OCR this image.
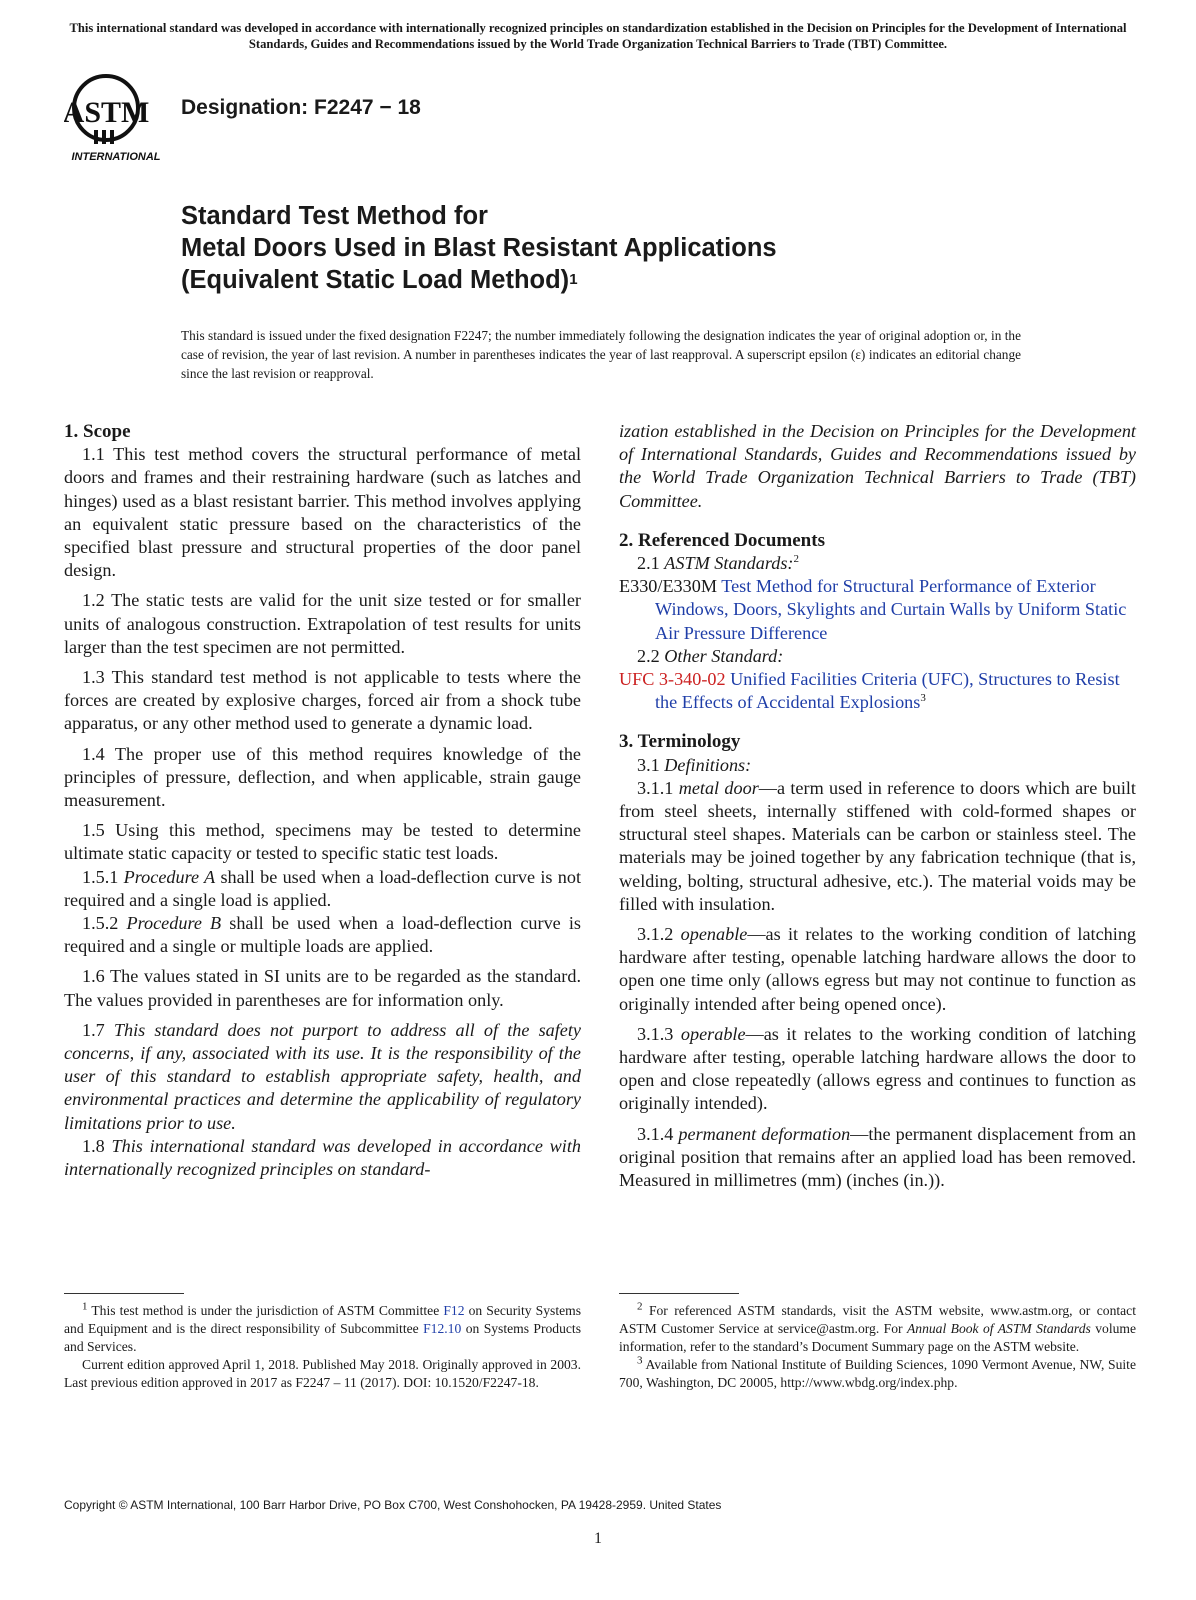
This international standard was developed in accordance with internationally recognized principles on standardization established in the Decision on Principles for the Development of International Standards, Guides and Recommendations issued by the World Trade Organization Technical Barriers to Trade (TBT) Committee.
ASTM
INTERNATIONAL
Designation: F2247 − 18
Standard Test Method for
Metal Doors Used in Blast Resistant Applications
(Equivalent Static Load Method)$^1$
This standard is issued under the fixed designation F2247; the number immediately following the designation indicates the year of original adoption or, in the case of revision, the year of last revision. A number in parentheses indicates the year of last reapproval. A superscript epsilon (ε) indicates an editorial change since the last revision or reapproval.

1. Scope

1.1 This test method covers the structural performance of metal doors and frames and their restraining hardware (such as latches and hinges) used as a blast resistant barrier. This method involves applying an equivalent static pressure based on the characteristics of the specified blast pressure and structural properties of the door panel design.

1.2 The static tests are valid for the unit size tested or for smaller units of analogous construction. Extrapolation of test results for units larger than the test specimen are not permitted.

1.3 This standard test method is not applicable to tests where the forces are created by explosive charges, forced air from a shock tube apparatus, or any other method used to generate a dynamic load.

1.4 The proper use of this method requires knowledge of the principles of pressure, deflection, and when applicable, strain gauge measurement.

1.5 Using this method, specimens may be tested to determine ultimate static capacity or tested to specific static test loads.

1.5.1 Procedure A shall be used when a load-deflection curve is not required and a single load is applied.

1.5.2 Procedure B shall be used when a load-deflection curve is required and a single or multiple loads are applied.

1.6 The values stated in SI units are to be regarded as the standard. The values provided in parentheses are for information only.

1.7 This standard does not purport to address all of the safety concerns, if any, associated with its use. It is the responsibility of the user of this standard to establish appropriate safety, health, and environmental practices and determine the applicability of regulatory limitations prior to use.

1.8 This international standard was developed in accordance with internationally recognized principles on standard-

ization established in the Decision on Principles for the Development of International Standards, Guides and Recommendations issued by the World Trade Organization Technical Barriers to Trade (TBT) Committee.

2. Referenced Documents

2.1 ASTM Standards:$^2$

E330/E330M Test Method for Structural Performance of Exterior Windows, Doors, Skylights and Curtain Walls by Uniform Static Air Pressure Difference

2.2 Other Standard:

UFC 3-340-02 Unified Facilities Criteria (UFC), Structures to Resist the Effects of Accidental Explosions$^3$

3. Terminology

3.1 Definitions:

3.1.1 metal door—a term used in reference to doors which are built from steel sheets, internally stiffened with cold-formed shapes or structural steel shapes. Materials can be carbon or stainless steel. The materials may be joined together by any fabrication technique (that is, welding, bolting, structural adhesive, etc.). The material voids may be filled with insulation.

3.1.2 openable—as it relates to the working condition of latching hardware after testing, openable latching hardware allows the door to open one time only (allows egress but may not continue to function as originally intended after being opened once).

3.1.3 operable—as it relates to the working condition of latching hardware after testing, operable latching hardware allows the door to open and close repeatedly (allows egress and continues to function as originally intended).

3.1.4 permanent deformation—the permanent displacement from an original position that remains after an applied load has been removed. Measured in millimetres (mm) (inches (in.)).

$^1$ This test method is under the jurisdiction of ASTM Committee F12 on Security Systems and Equipment and is the direct responsibility of Subcommittee F12.10 on Systems Products and Services.

Current edition approved April 1, 2018. Published May 2018. Originally approved in 2003. Last previous edition approved in 2017 as F2247 – 11 (2017). DOI: 10.1520/F2247-18.

$^2$ For referenced ASTM standards, visit the ASTM website, www.astm.org, or contact ASTM Customer Service at service@astm.org. For Annual Book of ASTM Standards volume information, refer to the standard’s Document Summary page on the ASTM website.

$^3$ Available from National Institute of Building Sciences, 1090 Vermont Avenue, NW, Suite 700, Washington, DC 20005, http://www.wbdg.org/index.php.

Copyright © ASTM International, 100 Barr Harbor Drive, PO Box C700, West Conshohocken, PA 19428-2959. United States
1
